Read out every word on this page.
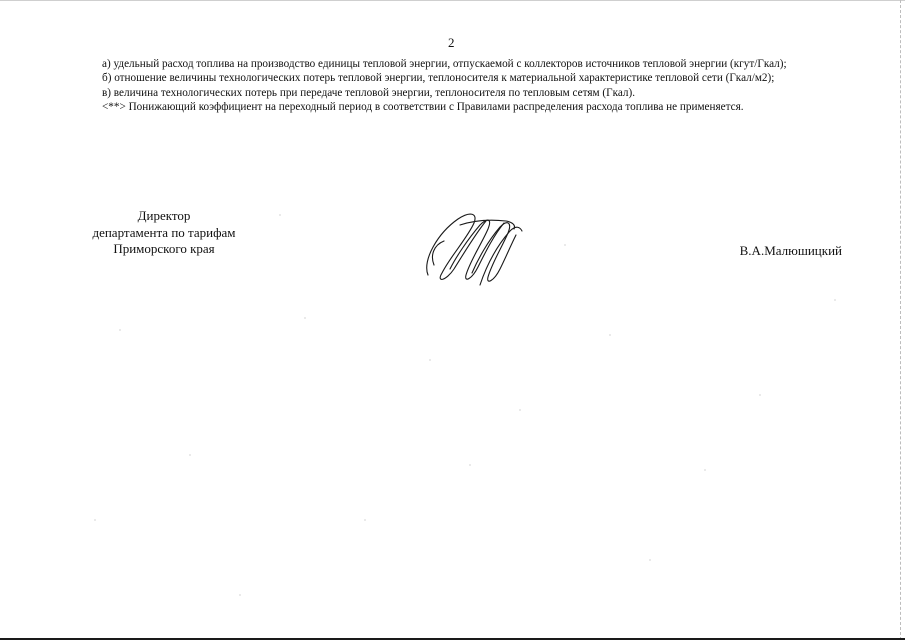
2

а) удельный расход топлива на производство единицы тепловой энергии, отпускаемой с коллекторов источников тепловой энергии (кгут/Гкал);

б) отношение величины технологических потерь тепловой энергии, теплоносителя к материальной характеристике тепловой сети (Гкал/м2);

в) величина технологических потерь при передаче тепловой энергии, теплоносителя по тепловым сетям (Гкал).

<**> Понижающий коэффициент на переходный период в соответствии с Правилами распределения расхода топлива не применяется.

Директор
департамента по тарифам
Приморского края	В.А.Малюшицкий
